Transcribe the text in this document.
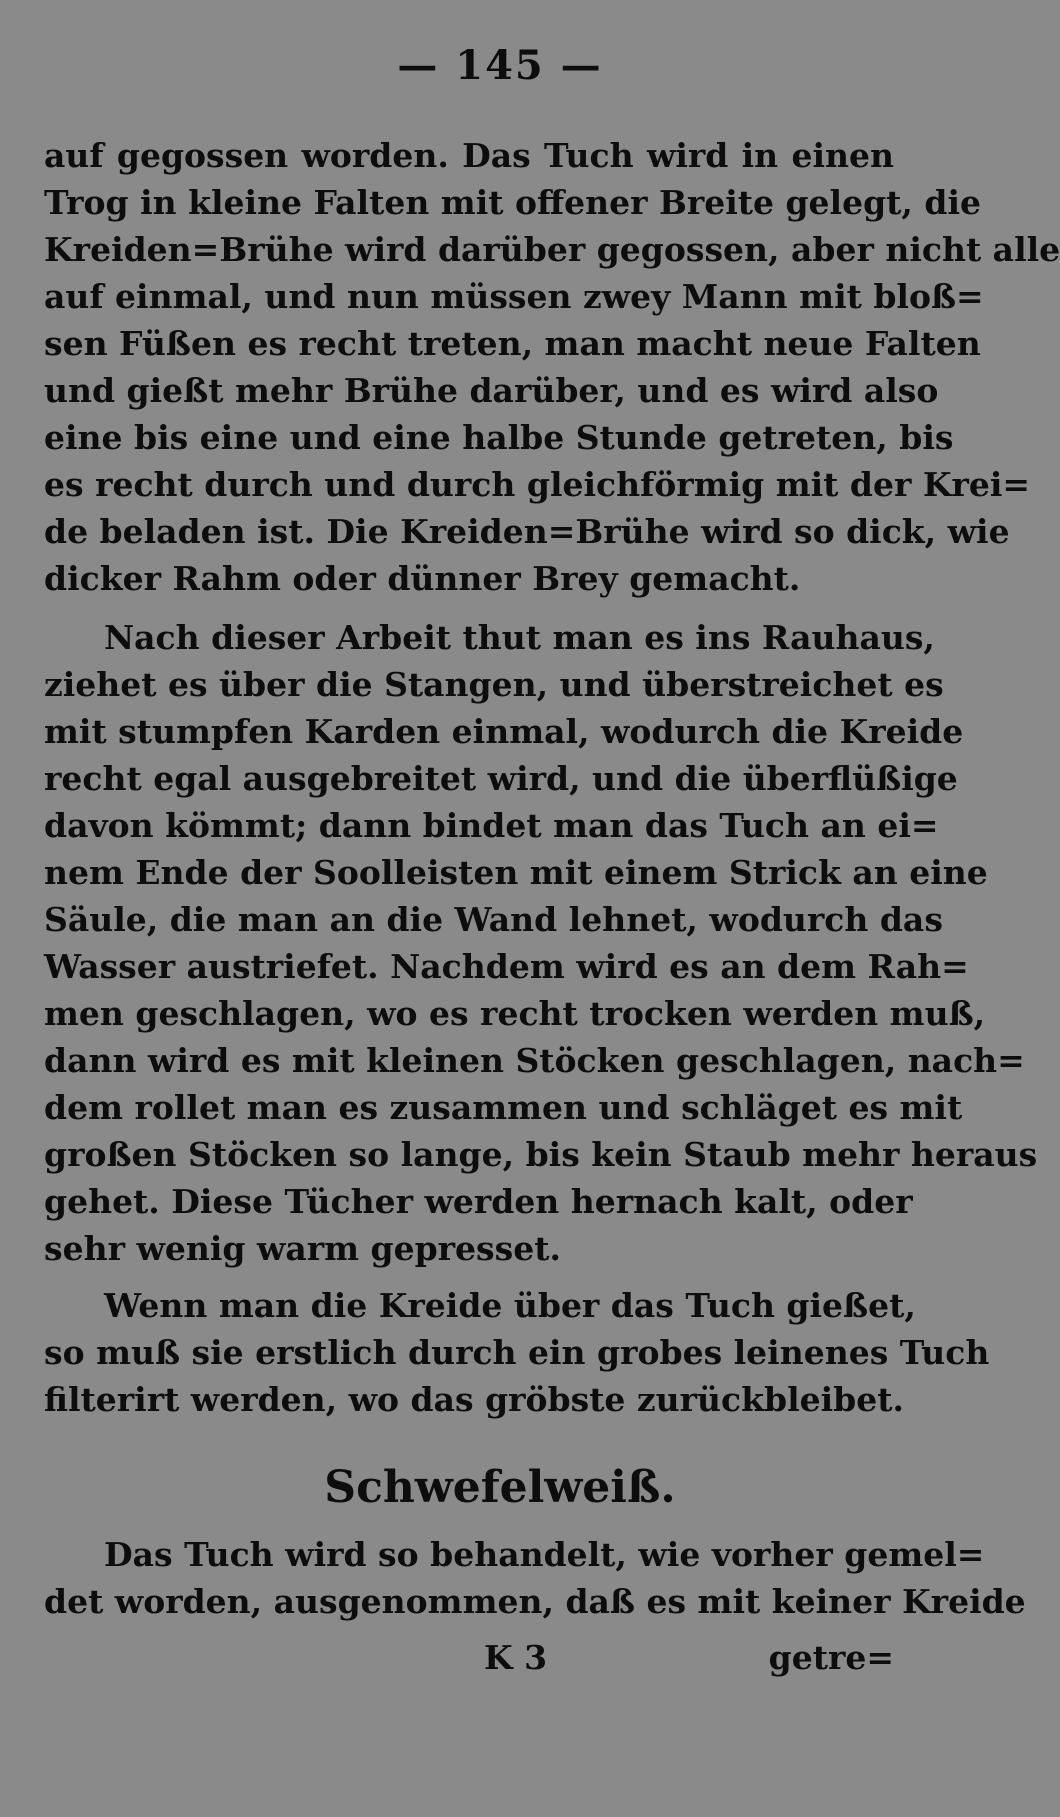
— 145 —
auf gegossen worden. Das Tuch wird in einen
Trog in kleine Falten mit offener Breite gelegt, die
Kreiden=Brühe wird darüber gegossen, aber nicht alle
auf einmal, und nun müssen zwey Mann mit bloß=
sen Füßen es recht treten, man macht neue Falten
und gießt mehr Brühe darüber, und es wird also
eine bis eine und eine halbe Stunde getreten, bis
es recht durch und durch gleichförmig mit der Krei=
de beladen ist. Die Kreiden=Brühe wird so dick, wie
dicker Rahm oder dünner Brey gemacht.
Nach dieser Arbeit thut man es ins Rauhaus,
ziehet es über die Stangen, und überstreichet es
mit stumpfen Karden einmal, wodurch die Kreide
recht egal ausgebreitet wird, und die überflüßige
davon kömmt; dann bindet man das Tuch an ei=
nem Ende der Soolleisten mit einem Strick an eine
Säule, die man an die Wand lehnet, wodurch das
Wasser austriefet. Nachdem wird es an dem Rah=
men geschlagen, wo es recht trocken werden muß,
dann wird es mit kleinen Stöcken geschlagen, nach=
dem rollet man es zusammen und schläget es mit
großen Stöcken so lange, bis kein Staub mehr heraus
gehet. Diese Tücher werden hernach kalt, oder
sehr wenig warm gepresset.
Wenn man die Kreide über das Tuch gießet,
so muß sie erstlich durch ein grobes leinenes Tuch
filterirt werden, wo das gröbste zurückbleibet.
Schwefelweiß.
Das Tuch wird so behandelt, wie vorher gemel=
det worden, ausgenommen, daß es mit keiner Kreide
K 3	getre=
